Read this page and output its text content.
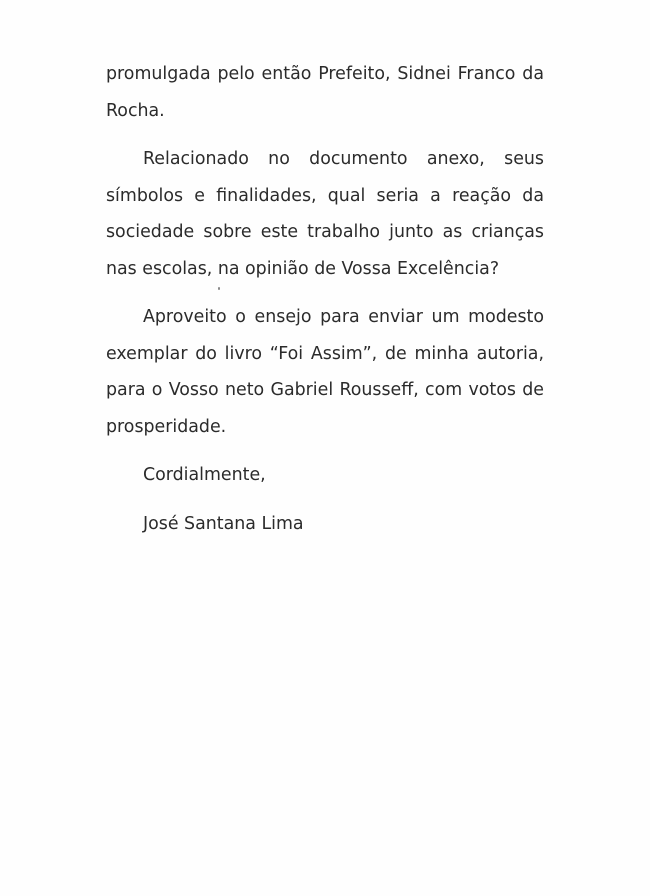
promulgada pelo então Prefeito, Sidnei Franco da Rocha.

Relacionado no documento anexo, seus símbolos e finalidades, qual seria a reação da sociedade sobre este trabalho junto as crianças nas escolas, na opinião de Vossa Excelência?

Aproveito o ensejo para enviar um modesto exemplar do livro “Foi Assim”, de minha autoria, para o Vosso neto Gabriel Rousseff, com votos de prosperidade.

Cordialmente,

José Santana Lima
